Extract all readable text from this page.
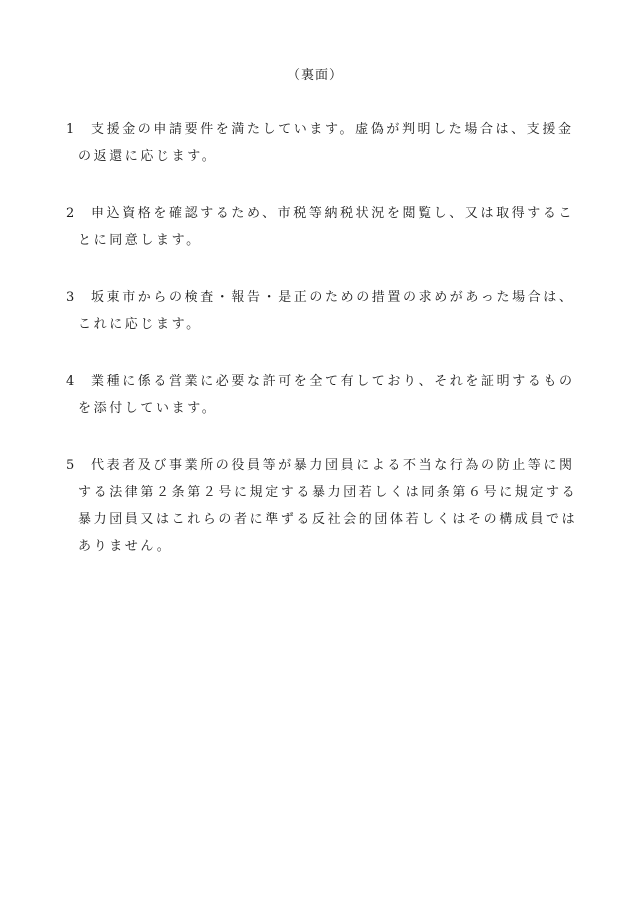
（裏面）
1	支援金の申請要件を満たしています。虚偽が判明した場合は、支援金の返還に応じます。
2	申込資格を確認するため、市税等納税状況を閲覧し、又は取得することに同意します。
3	坂東市からの検査・報告・是正のための措置の求めがあった場合は、これに応じます。
4	業種に係る営業に必要な許可を全て有しており、それを証明するものを添付しています。
5	代表者及び事業所の役員等が暴力団員による不当な行為の防止等に関する法律第２条第２号に規定する暴力団若しくは同条第６号に規定する暴力団員又はこれらの者に準ずる反社会的団体若しくはその構成員ではありません。
